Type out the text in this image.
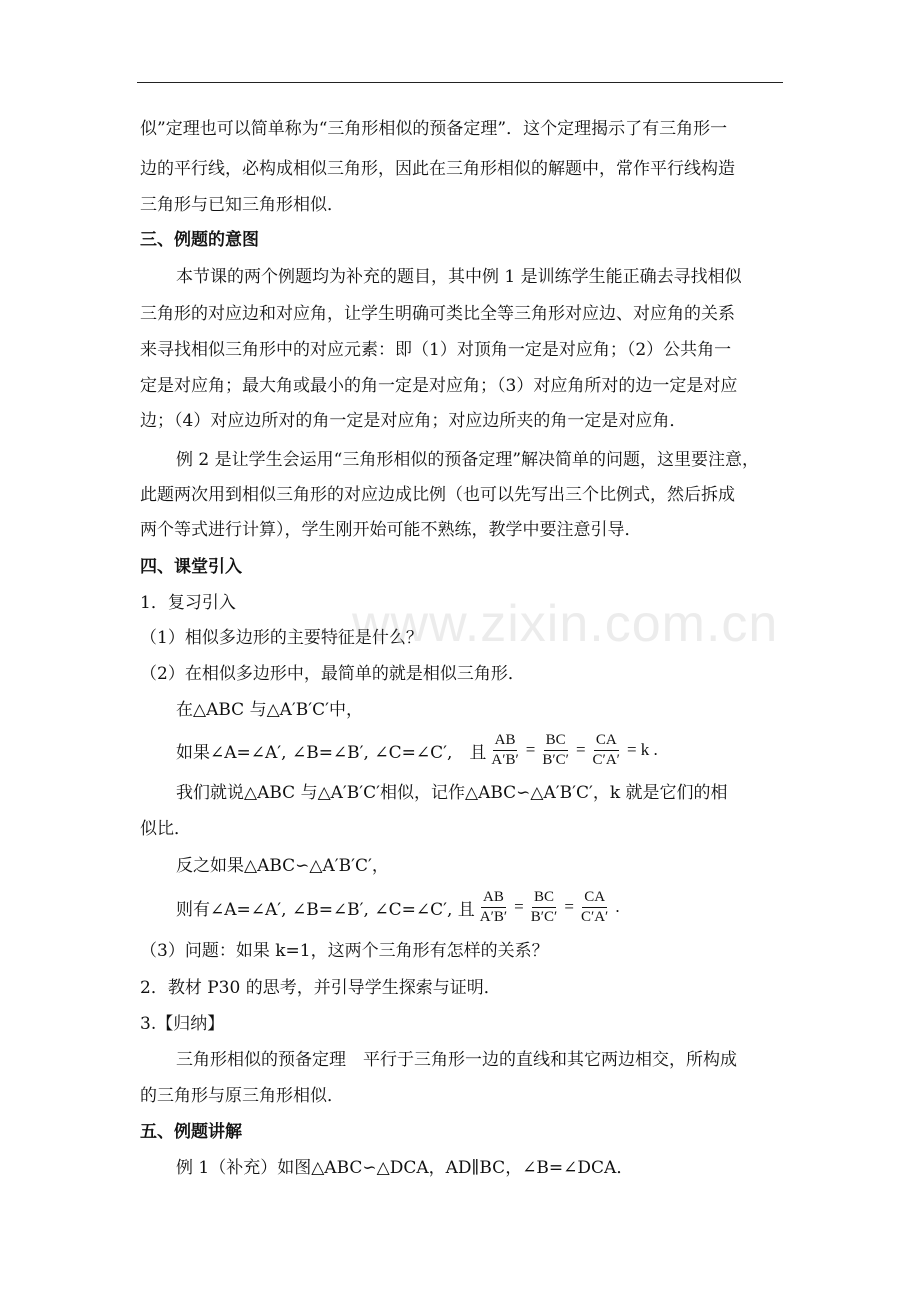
似”定理也可以简单称为“三角形相似的预备定理”．这个定理揭示了有三角形一
边的平行线，必构成相似三角形，因此在三角形相似的解题中，常作平行线构造
三角形与已知三角形相似．
三、例题的意图
本节课的两个例题均为补充的题目，其中例 1 是训练学生能正确去寻找相似
三角形的对应边和对应角，让学生明确可类比全等三角形对应边、对应角的关系
来寻找相似三角形中的对应元素：即（1）对顶角一定是对应角；（2）公共角一
定是对应角；最大角或最小的角一定是对应角；（3）对应角所对的边一定是对应
边；（4）对应边所对的角一定是对应角；对应边所夹的角一定是对应角．
例 2 是让学生会运用“三角形相似的预备定理”解决简单的问题，这里要注意，
此题两次用到相似三角形的对应边成比例（也可以先写出三个比例式，然后拆成
两个等式进行计算），学生刚开始可能不熟练，教学中要注意引导．
四、课堂引入
1．复习引入
（1）相似多边形的主要特征是什么？
（2）在相似多边形中，最简单的就是相似三角形．
在△ABC 与△A′B′C′中，
如果∠A=∠A′, ∠B=∠B′, ∠C=∠C′,　且 $\frac{AB}{A'B'} = \frac{BC}{B'C'} = \frac{CA}{C'A'} = k$ .
我们就说△ABC 与△A′B′C′相似，记作△ABC∽△A′B′C′，k 就是它们的相
似比．
反之如果△ABC∽△A′B′C′，
则有∠A=∠A′, ∠B=∠B′, ∠C=∠C′, 且 $\frac{AB}{A'B'} = \frac{BC}{B'C'} = \frac{CA}{C'A'}$ .
（3）问题：如果 k=1，这两个三角形有怎样的关系？
2．教材 P30 的思考，并引导学生探索与证明．
3.【归纳】
三角形相似的预备定理　平行于三角形一边的直线和其它两边相交，所构成
的三角形与原三角形相似．
五、例题讲解
例 1（补充）如图△ABC∽△DCA，AD∥BC，∠B=∠DCA．
www.zixin.com.cn
